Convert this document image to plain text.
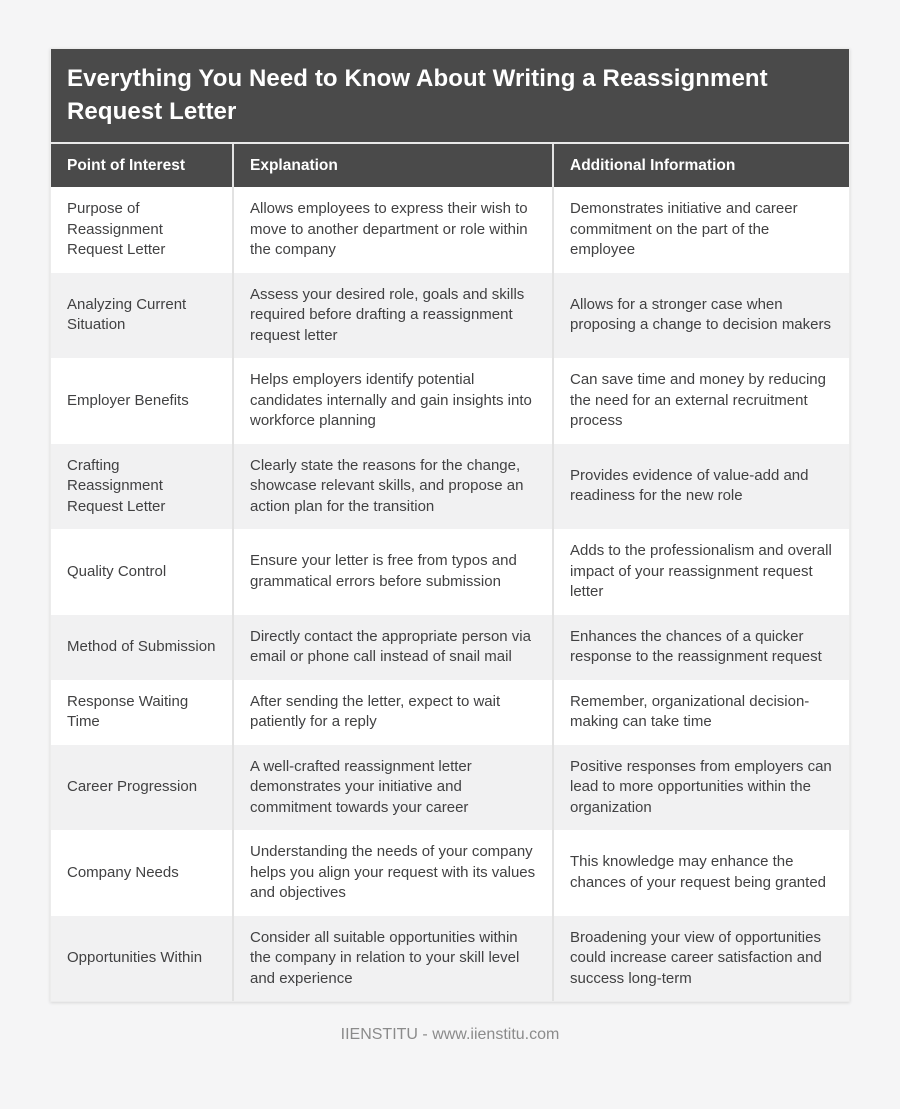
Everything You Need to Know About Writing a Reassignment Request Letter
Point of Interest	Explanation	Additional Information
Purpose of Reassignment Request Letter	Allows employees to express their wish to move to another department or role within the company	Demonstrates initiative and career commitment on the part of the employee
Analyzing Current Situation	Assess your desired role, goals and skills required before drafting a reassignment request letter	Allows for a stronger case when proposing a change to decision makers
Employer Benefits	Helps employers identify potential candidates internally and gain insights into workforce planning	Can save time and money by reducing the need for an external recruitment process
Crafting Reassignment Request Letter	Clearly state the reasons for the change, showcase relevant skills, and propose an action plan for the transition	Provides evidence of value-add and readiness for the new role
Quality Control	Ensure your letter is free from typos and grammatical errors before submission	Adds to the professionalism and overall impact of your reassignment request letter
Method of Submission	Directly contact the appropriate person via email or phone call instead of snail mail	Enhances the chances of a quicker response to the reassignment request
Response Waiting Time	After sending the letter, expect to wait patiently for a reply	Remember, organizational decision-making can take time
Career Progression	A well-crafted reassignment letter demonstrates your initiative and commitment towards your career	Positive responses from employers can lead to more opportunities within the organization
Company Needs	Understanding the needs of your company helps you align your request with its values and objectives	This knowledge may enhance the chances of your request being granted
Opportunities Within	Consider all suitable opportunities within the company in relation to your skill level and experience	Broadening your view of opportunities could increase career satisfaction and success long-term
IIENSTITU - www.iienstitu.com
